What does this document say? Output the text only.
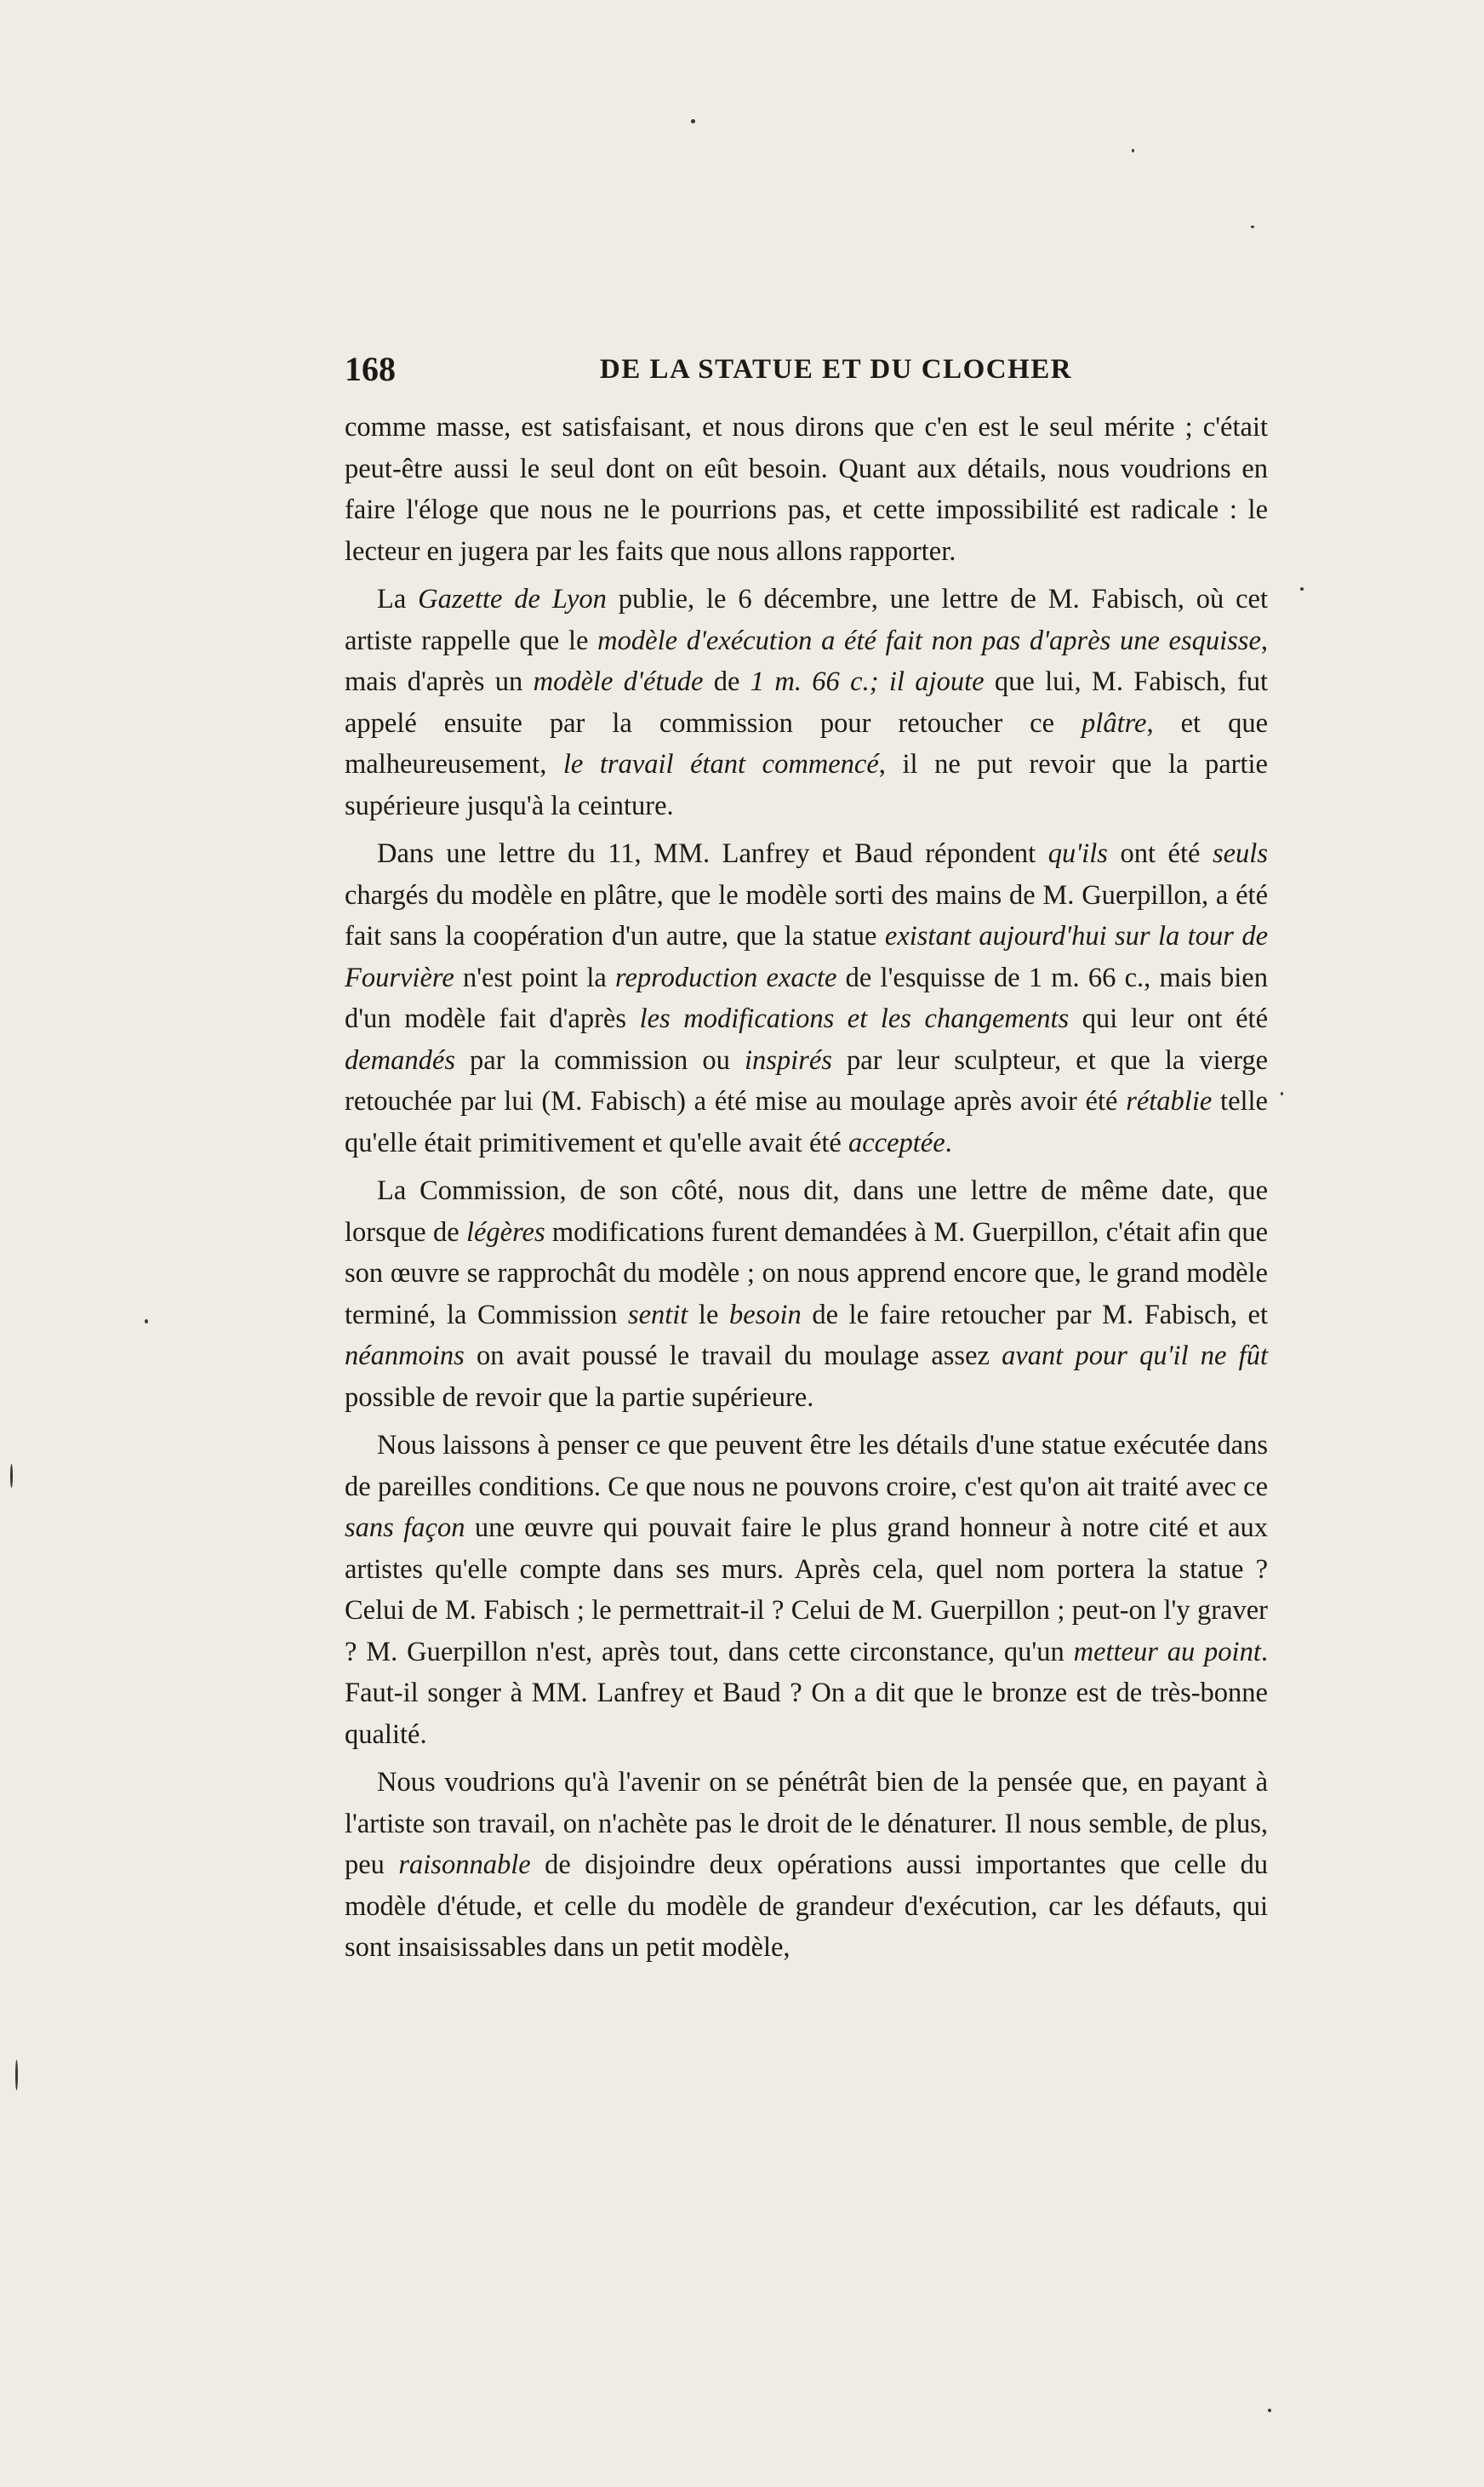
168	DE LA STATUE ET DU CLOCHER

comme masse, est satisfaisant, et nous dirons que c'en est le seul mérite ; c'était peut-être aussi le seul dont on eût besoin. Quant aux détails, nous voudrions en faire l'éloge que nous ne le pourrions pas, et cette impossibilité est radicale : le lecteur en jugera par les faits que nous allons rapporter.

La Gazette de Lyon publie, le 6 décembre, une lettre de M. Fabisch, où cet artiste rappelle que le modèle d'exécution a été fait non pas d'après une esquisse, mais d'après un modèle d'étude de 1 m. 66 c.; il ajoute que lui, M. Fabisch, fut appelé ensuite par la commission pour retoucher ce plâtre, et que malheureusement, le travail étant commencé, il ne put revoir que la partie supérieure jusqu'à la ceinture.

Dans une lettre du 11, MM. Lanfrey et Baud répondent qu'ils ont été seuls chargés du modèle en plâtre, que le modèle sorti des mains de M. Guerpillon, a été fait sans la coopération d'un autre, que la statue existant aujourd'hui sur la tour de Fourvière n'est point la reproduction exacte de l'esquisse de 1 m. 66 c., mais bien d'un modèle fait d'après les modifications et les changements qui leur ont été demandés par la commission ou inspirés par leur sculpteur, et que la vierge retouchée par lui (M. Fabisch) a été mise au moulage après avoir été rétablie telle qu'elle était primitivement et qu'elle avait été acceptée.

La Commission, de son côté, nous dit, dans une lettre de même date, que lorsque de légères modifications furent demandées à M. Guerpillon, c'était afin que son œuvre se rapprochât du modèle ; on nous apprend encore que, le grand modèle terminé, la Commission sentit le besoin de le faire retoucher par M. Fabisch, et néanmoins on avait poussé le travail du moulage assez avant pour qu'il ne fût possible de revoir que la partie supérieure.

Nous laissons à penser ce que peuvent être les détails d'une statue exécutée dans de pareilles conditions. Ce que nous ne pouvons croire, c'est qu'on ait traité avec ce sans façon une œuvre qui pouvait faire le plus grand honneur à notre cité et aux artistes qu'elle compte dans ses murs. Après cela, quel nom portera la statue ? Celui de M. Fabisch ; le permettrait-il ? Celui de M. Guerpillon ; peut-on l'y graver ? M. Guerpillon n'est, après tout, dans cette circonstance, qu'un metteur au point. Faut-il songer à MM. Lanfrey et Baud ? On a dit que le bronze est de très-bonne qualité.

Nous voudrions qu'à l'avenir on se pénétrât bien de la pensée que, en payant à l'artiste son travail, on n'achète pas le droit de le dénaturer. Il nous semble, de plus, peu raisonnable de disjoindre deux opérations aussi importantes que celle du modèle d'étude, et celle du modèle de grandeur d'exécution, car les défauts, qui sont insaisissables dans un petit modèle,
